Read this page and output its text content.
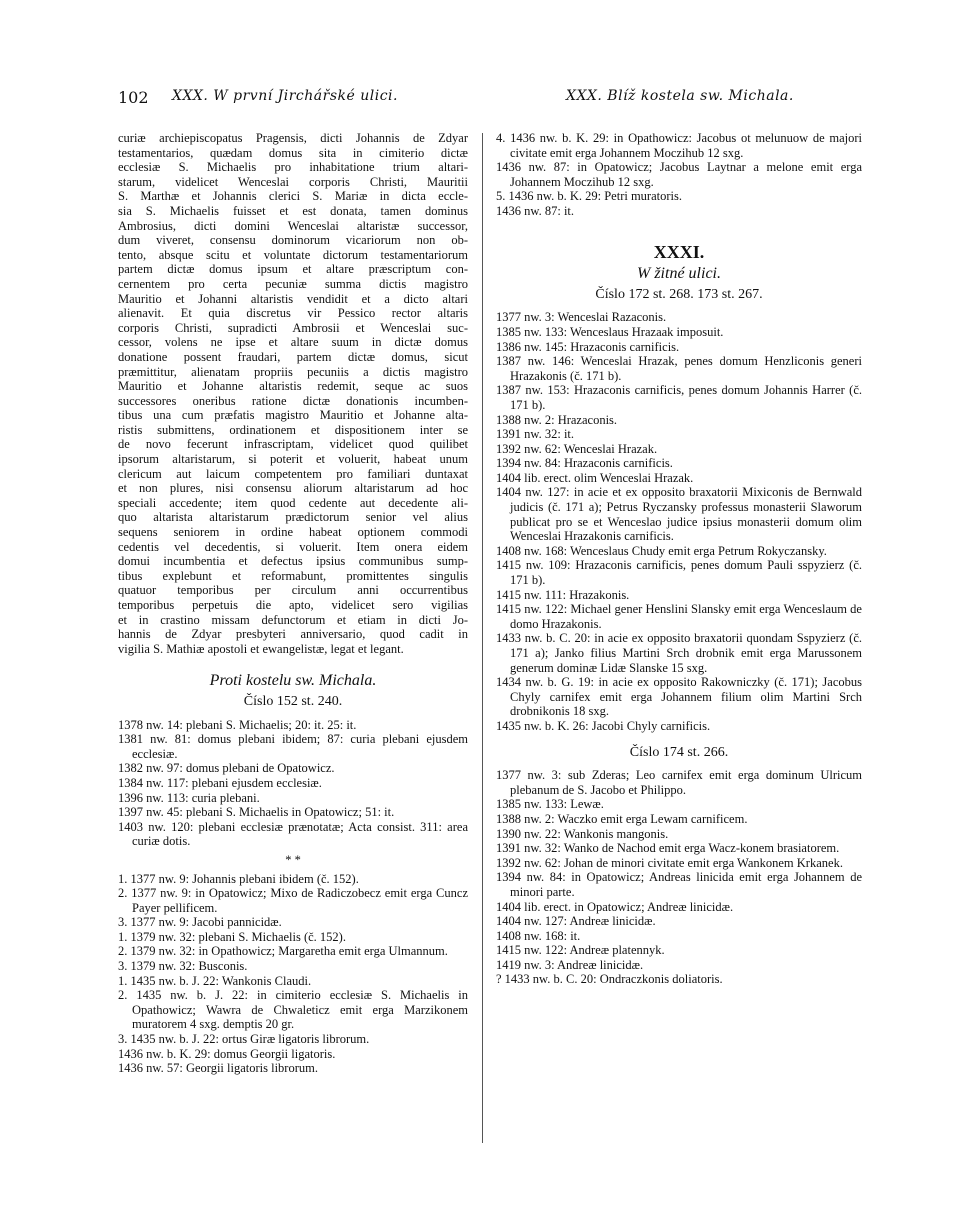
102 XXX. W první Jirchářské ulici.	XXX. Blíž kostela sw. Michala.

curiæ archiepiscopatus Pragensis, dicti Johannis de Zdyar

testamentarios, quædam domus sita in cimiterio dictæ

ecclesiæ S. Michaelis pro inhabitatione trium altari-

starum, videlicet Wenceslai corporis Christi, Mauritii

S. Marthæ et Johannis clerici S. Mariæ in dicta eccle-

sia S. Michaelis fuisset et est donata, tamen dominus

Ambrosius, dicti domini Wenceslai altaristæ successor,

dum viveret, consensu dominorum vicariorum non ob-

tento, absque scitu et voluntate dictorum testamentariorum

partem dictæ domus ipsum et altare præscriptum con-

cernentem pro certa pecuniæ summa dictis magistro

Mauritio et Johanni altaristis vendidit et a dicto altari

alienavit. Et quia discretus vir Pessico rector altaris

corporis Christi, supradicti Ambrosii et Wenceslai suc-

cessor, volens ne ipse et altare suum in dictæ domus

donatione possent fraudari, partem dictæ domus, sicut

præmittitur, alienatam propriis pecuniis a dictis magistro

Mauritio et Johanne altaristis redemit, seque ac suos

successores oneribus ratione dictæ donationis incumben-

tibus una cum præfatis magistro Mauritio et Johanne alta-

ristis submittens, ordinationem et dispositionem inter se

de novo fecerunt infrascriptam, videlicet quod quilibet

ipsorum altaristarum, si poterit et voluerit, habeat unum

clericum aut laicum competentem pro familiari duntaxat

et non plures, nisi consensu aliorum altaristarum ad hoc

speciali accedente; item quod cedente aut decedente ali-

quo altarista altaristarum prædictorum senior vel alius

sequens seniorem in ordine habeat optionem commodi

cedentis vel decedentis, si voluerit. Item onera eidem

domui incumbentia et defectus ipsius communibus sump-

tibus explebunt et reformabunt, promittentes singulis

quatuor temporibus per circulum anni occurrentibus

temporibus perpetuis die apto, videlicet sero vigilias

et in crastino missam defunctorum et etiam in dicti Jo-

hannis de Zdyar presbyteri anniversario, quod cadit in

vigilia S. Mathiæ apostoli et ewangelistæ, legat et legant.

Proti kostelu sw. Michala.
Číslo 152 st. 240.

1378 nw. 14: plebani S. Michaelis; 20: it. 25: it.

1381 nw. 81: domus plebani ibidem; 87: curia plebani ejusdem ecclesiæ.

1382 nw. 97: domus plebani de Opatowicz.

1384 nw. 117: plebani ejusdem ecclesiæ.

1396 nw. 113: curia plebani.

1397 nw. 45: plebani S. Michaelis in Opatowicz; 51: it.

1403 nw. 120: plebani ecclesiæ prænotatæ; Acta consist. 311: area curiæ dotis.

* *

1. 1377 nw. 9: Johannis plebani ibidem (č. 152).

2. 1377 nw. 9: in Opatowicz; Mixo de Radiczobecz emit erga Cuncz Payer pellificem.

3. 1377 nw. 9: Jacobi pannicidæ.

1. 1379 nw. 32: plebani S. Michaelis (č. 152).

2. 1379 nw. 32: in Opathowicz; Margaretha emit erga Ulmannum.

3. 1379 nw. 32: Busconis.

1. 1435 nw. b. J. 22: Wankonis Claudi.

2. 1435 nw. b. J. 22: in cimiterio ecclesiæ S. Michaelis in Opathowicz; Wawra de Chwaleticz emit erga Marzikonem muratorem 4 sxg. demptis 20 gr.

3. 1435 nw. b. J. 22: ortus Giræ ligatoris librorum.

1436 nw. b. K. 29: domus Georgii ligatoris.

1436 nw. 57: Georgii ligatoris librorum.

4. 1436 nw. b. K. 29: in Opathowicz: Jacobus ot melunuow de majori civitate emit erga Johannem Moczihub 12 sxg.

1436 nw. 87: in Opatowicz; Jacobus Laytnar a melone emit erga Johannem Moczihub 12 sxg.

5. 1436 nw. b. K. 29: Petri muratoris.

1436 nw. 87: it.

XXXI.
W žitné ulici.
Číslo 172 st. 268. 173 st. 267.

1377 nw. 3: Wenceslai Razaconis.

1385 nw. 133: Wenceslaus Hrazaak imposuit.

1386 nw. 145: Hrazaconis carnificis.

1387 nw. 146: Wenceslai Hrazak, penes domum Henzliconis generi Hrazakonis (č. 171 b).

1387 nw. 153: Hrazaconis carnificis, penes domum Johannis Harrer (č. 171 b).

1388 nw. 2: Hrazaconis.

1391 nw. 32: it.

1392 nw. 62: Wenceslai Hrazak.

1394 nw. 84: Hrazaconis carnificis.

1404 lib. erect. olim Wenceslai Hrazak.

1404 nw. 127: in acie et ex opposito braxatorii Mixiconis de Bernwald judicis (č. 171 a); Petrus Ryczansky professus monasterii Slaworum publicat pro se et Wenceslao judice ipsius monasterii domum olim Wenceslai Hrazakonis carnificis.

1408 nw. 168: Wenceslaus Chudy emit erga Petrum Rokyczansky.

1415 nw. 109: Hrazaconis carnificis, penes domum Pauli sspyzierz (č. 171 b).

1415 nw. 111: Hrazakonis.

1415 nw. 122: Michael gener Henslini Slansky emit erga Wenceslaum de domo Hrazakonis.

1433 nw. b. C. 20: in acie ex opposito braxatorii quondam Sspyzierz (č. 171 a); Janko filius Martini Srch drobnik emit erga Marussonem generum dominæ Lidæ Slanske 15 sxg.

1434 nw. b. G. 19: in acie ex opposito Rakowniczky (č. 171); Jacobus Chyly carnifex emit erga Johannem filium olim Martini Srch drobnikonis 18 sxg.

1435 nw. b. K. 26: Jacobi Chyly carnificis.

Číslo 174 st. 266.

1377 nw. 3: sub Zderas; Leo carnifex emit erga dominum Ulricum plebanum de S. Jacobo et Philippo.

1385 nw. 133: Lewæ.

1388 nw. 2: Waczko emit erga Lewam carnificem.

1390 nw. 22: Wankonis mangonis.

1391 nw. 32: Wanko de Nachod emit erga Wacz-konem brasiatorem.

1392 nw. 62: Johan de minori civitate emit erga Wankonem Krkanek.

1394 nw. 84: in Opatowicz; Andreas linicida emit erga Johannem de minori parte.

1404 lib. erect. in Opatowicz; Andreæ linicidæ.

1404 nw. 127: Andreæ linicidæ.

1408 nw. 168: it.

1415 nw. 122: Andreæ platennyk.

1419 nw. 3: Andreæ linicidæ.

? 1433 nw. b. C. 20: Ondraczkonis doliatoris.
